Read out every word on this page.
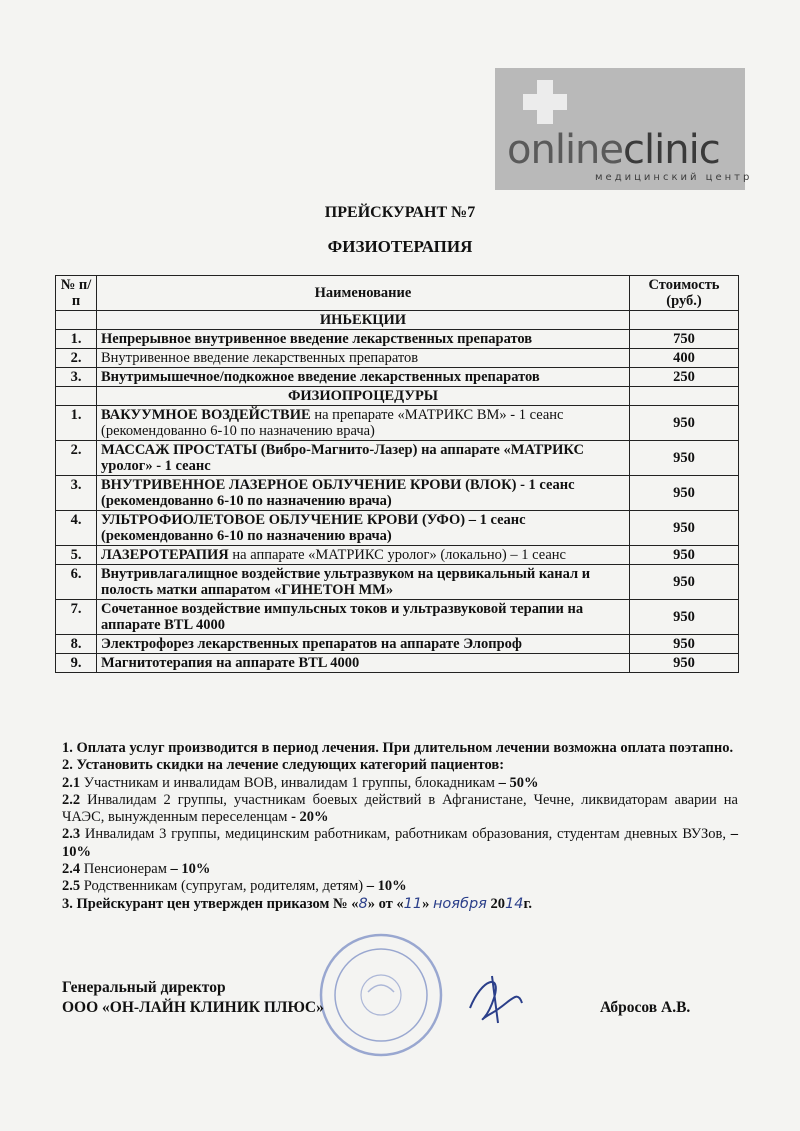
onlineclinic
медицинский центр
ПРЕЙСКУРАНТ №7
ФИЗИОТЕРАПИЯ
№ п/п	Наименование	Стоимость (руб.)
	ИНЬЕКЦИИ	
1.	Непрерывное внутривенное введение лекарственных препаратов	750
2.	Внутривенное введение лекарственных препаратов	400
3.	Внутримышечное/подкожное введение лекарственных препаратов	250
	ФИЗИОПРОЦЕДУРЫ	
1.	ВАКУУМНОЕ ВОЗДЕЙСТВИЕ на препарате «МАТРИКС ВМ» - 1 сеанс (рекомендованно 6-10 по назначению врача)	950
2.	МАССАЖ ПРОСТАТЫ (Вибро-Магнито-Лазер) на аппарате «МАТРИКС уролог» - 1 сеанс	950
3.	ВНУТРИВЕННОЕ ЛАЗЕРНОЕ ОБЛУЧЕНИЕ КРОВИ (ВЛОК) - 1 сеанс (рекомендованно 6-10 по назначению врача)	950
4.	УЛЬТРОФИОЛЕТОВОЕ ОБЛУЧЕНИЕ КРОВИ (УФО) – 1 сеанс (рекомендованно 6-10 по назначению врача)	950
5.	ЛАЗЕРОТЕРАПИЯ на аппарате «МАТРИКС уролог» (локально) – 1 сеанс	950
6.	Внутривлагалищное воздействие ультразвуком на цервикальный канал и полость матки аппаратом «ГИНЕТОН ММ»	950
7.	Сочетанное воздействие импульсных токов и ультразвуковой терапии на аппарате BTL 4000	950
8.	Электрофорез лекарственных препаратов на аппарате Элопроф	950
9.	Магнитотерапия на аппарате BTL 4000	950

1. Оплата услуг производится в период лечения. При длительном лечении возможна оплата поэтапно.

2. Установить скидки на лечение следующих категорий пациентов:

2.1 Участникам и инвалидам ВОВ, инвалидам 1 группы, блокадникам – 50%

2.2 Инвалидам 2 группы, участникам боевых действий в Афганистане, Чечне, ликвидаторам аварии на ЧАЭС, вынужденным переселенцам - 20%

2.3 Инвалидам 3 группы, медицинским работникам, работникам образования, студентам дневных ВУЗов, – 10%

2.4 Пенсионерам – 10%

2.5 Родственникам (супругам, родителям, детям) – 10%

3. Прейскурант цен утвержден приказом № «8» от «11» ноября 2014г.

Генеральный директор
ООО «ОН-ЛАЙН КЛИНИК ПЛЮС»	Абросов А.В.
